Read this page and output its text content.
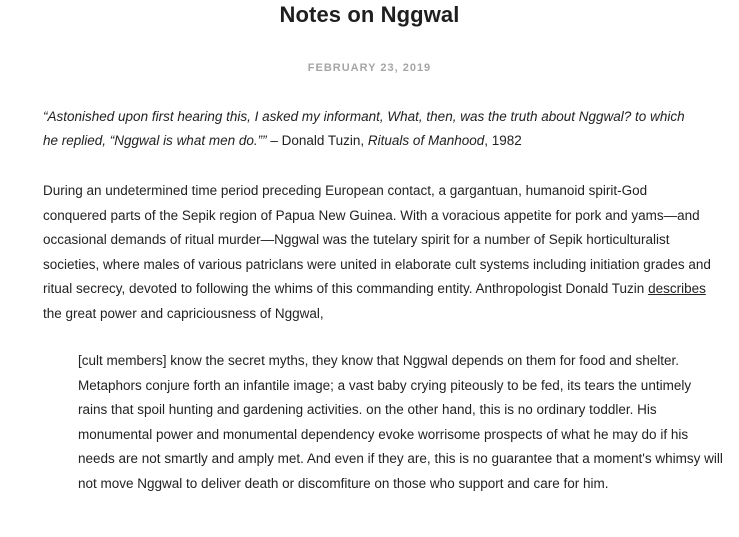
Notes on Nggwal
FEBRUARY 23, 2019

“Astonished upon first hearing this, I asked my informant, What, then, was the truth about Nggwal? to which he replied, “Nggwal is what men do.”” – Donald Tuzin, Rituals of Manhood, 1982

During an undetermined time period preceding European contact, a gargantuan, humanoid spirit-God conquered parts of the Sepik region of Papua New Guinea. With a voracious appetite for pork and yams—and occasional demands of ritual murder—Nggwal was the tutelary spirit for a number of Sepik horticulturalist societies, where males of various patriclans were united in elaborate cult systems including initiation grades and ritual secrecy, devoted to following the whims of this commanding entity. Anthropologist Donald Tuzin describes the great power and capriciousness of Nggwal,

[cult members] know the secret myths, they know that Nggwal depends on them for food and shelter. Metaphors conjure forth an infantile image; a vast baby crying piteously to be fed, its tears the untimely rains that spoil hunting and gardening activities. on the other hand, this is no ordinary toddler. His monumental power and monumental dependency evoke worrisome prospects of what he may do if his needs are not smartly and amply met. And even if they are, this is no guarantee that a moment's whimsy will not move Nggwal to deliver death or discomfiture on those who support and care for him.
